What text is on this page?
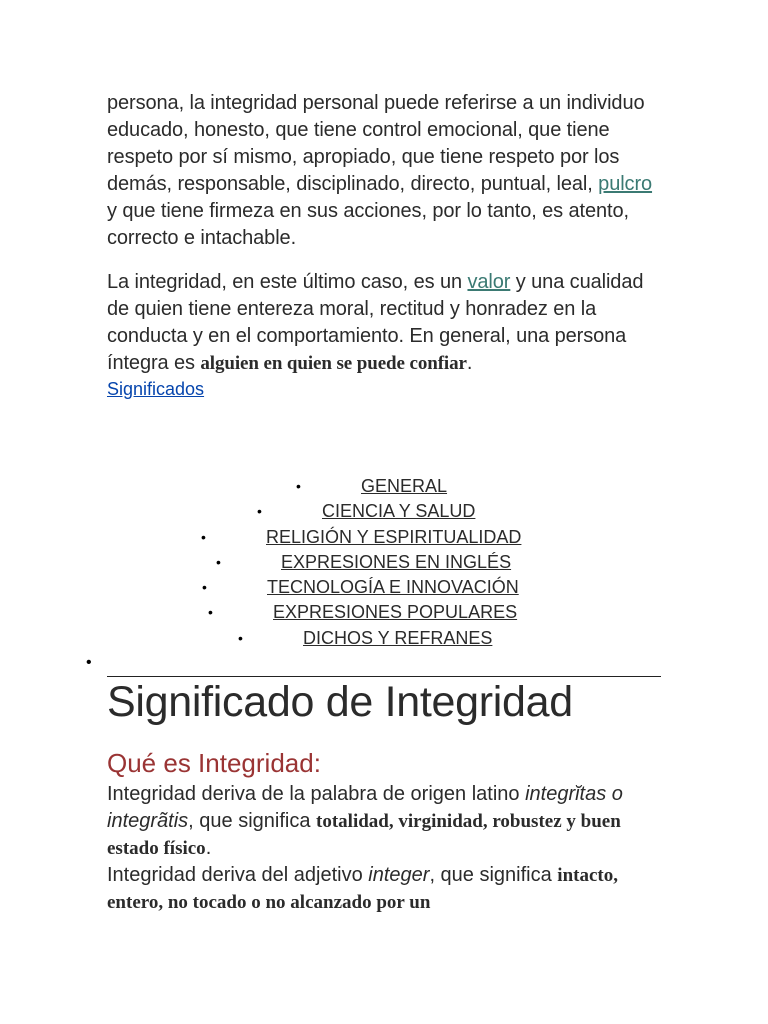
persona, la integridad personal puede referirse a un individuo educado, honesto, que tiene control emocional, que tiene respeto por sí mismo, apropiado, que tiene respeto por los demás, responsable, disciplinado, directo, puntual, leal, pulcro y que tiene firmeza en sus acciones, por lo tanto, es atento, correcto e intachable.

La integridad, en este último caso, es un valor y una cualidad de quien tiene entereza moral, rectitud y honradez en la conducta y en el comportamiento. En general, una persona íntegra es alguien en quien se puede confiar.

Significados
•	GENERAL
•	CIENCIA Y SALUD
•	RELIGIÓN Y ESPIRITUALIDAD
•	EXPRESIONES EN INGLÉS
•	TECNOLOGÍA E INNOVACIÓN
•	EXPRESIONES POPULARES
•	DICHOS Y REFRANES
•
Significado de Integridad
Qué es Integridad:

Integridad deriva de la palabra de origen latino integrĭtas o integrãtis, que significa totalidad, virginidad, robustez y buen estado físico.

Integridad deriva del adjetivo integer, que significa intacto, entero, no tocado o no alcanzado por un
